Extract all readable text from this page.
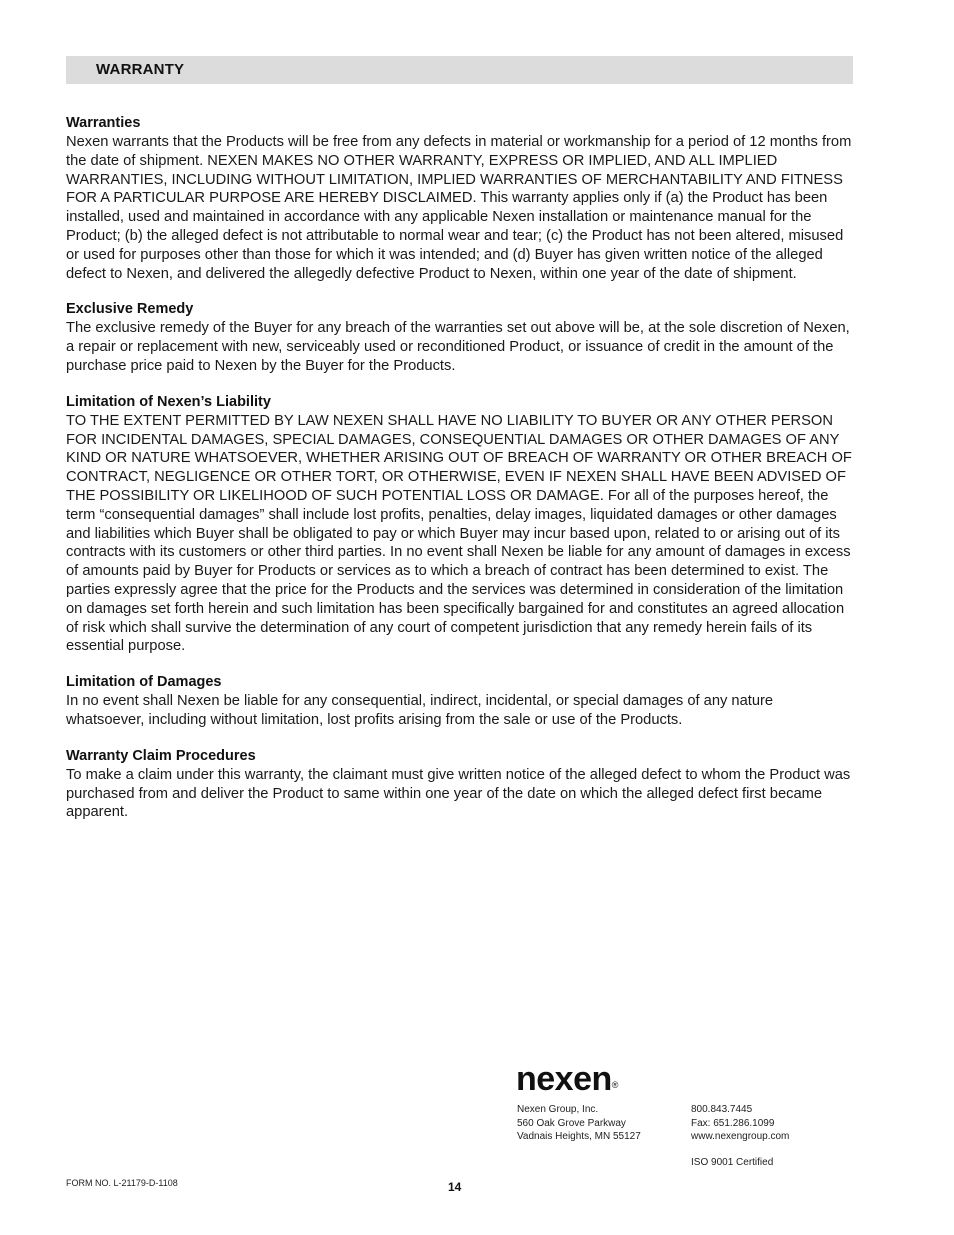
WARRANTY
Warranties

Nexen warrants that the Products will be free from any defects in material or workmanship for a period of 12 months from the date of shipment. NEXEN MAKES NO OTHER WARRANTY, EXPRESS OR IMPLIED, AND ALL IMPLIED WARRANTIES, INCLUDING WITHOUT LIMITATION, IMPLIED WARRANTIES OF MERCHANTABILITY AND FITNESS FOR A PARTICULAR PURPOSE ARE HEREBY DISCLAIMED. This warranty applies only if (a) the Product has been installed, used and maintained in accordance with any applicable Nexen installation or maintenance manual for the Product; (b) the alleged defect is not attributable to normal wear and tear; (c) the Product has not been altered, misused or used for purposes other than those for which it was intended; and (d) Buyer has given written notice of the alleged defect to Nexen, and delivered the allegedly defective Product to Nexen, within one year of the date of shipment.

Exclusive Remedy

The exclusive remedy of the Buyer for any breach of the warranties set out above will be, at the sole discretion of Nexen, a repair or replacement with new, serviceably used or reconditioned Product, or issuance of credit in the amount of the purchase price paid to Nexen by the Buyer for the Products.

Limitation of Nexen’s Liability

TO THE EXTENT PERMITTED BY LAW NEXEN SHALL HAVE NO LIABILITY TO BUYER OR ANY OTHER PERSON FOR INCIDENTAL DAMAGES, SPECIAL DAMAGES, CONSEQUENTIAL DAMAGES OR OTHER DAMAGES OF ANY KIND OR NATURE WHATSOEVER, WHETHER ARISING OUT OF BREACH OF WARRANTY OR OTHER BREACH OF CONTRACT, NEGLIGENCE OR OTHER TORT, OR OTHERWISE, EVEN IF NEXEN SHALL HAVE BEEN ADVISED OF THE POSSIBILITY OR LIKELIHOOD OF SUCH POTENTIAL LOSS OR DAMAGE. For all of the purposes hereof, the term “consequential damages” shall include lost profits, penalties, delay images, liquidated damages or other damages and liabilities which Buyer shall be obligated to pay or which Buyer may incur based upon, related to or arising out of its contracts with its customers or other third parties. In no event shall Nexen be liable for any amount of damages in excess of amounts paid by Buyer for Products or services as to which a breach of contract has been determined to exist. The parties expressly agree that the price for the Products and the services was determined in consideration of the limitation on damages set forth herein and such limitation has been specifically bargained for and constitutes an agreed allocation of risk which shall survive the determination of any court of competent jurisdiction that any remedy herein fails of its essential purpose.

Limitation of Damages

In no event shall Nexen be liable for any consequential, indirect, incidental, or special damages of any nature whatsoever, including without limitation, lost profits arising from the sale or use of the Products.

Warranty Claim Procedures

To make a claim under this warranty, the claimant must give written notice of the alleged defect to whom the Product was purchased from and deliver the Product to same within one year of the date on which the alleged defect first became apparent.

nexen®
Nexen Group, Inc.
560 Oak Grove Parkway
Vadnais Heights, MN 55127
800.843.7445
Fax: 651.286.1099
www.nexengroup.com
ISO 9001 Certified
FORM NO. L-21179-D-1108	14
